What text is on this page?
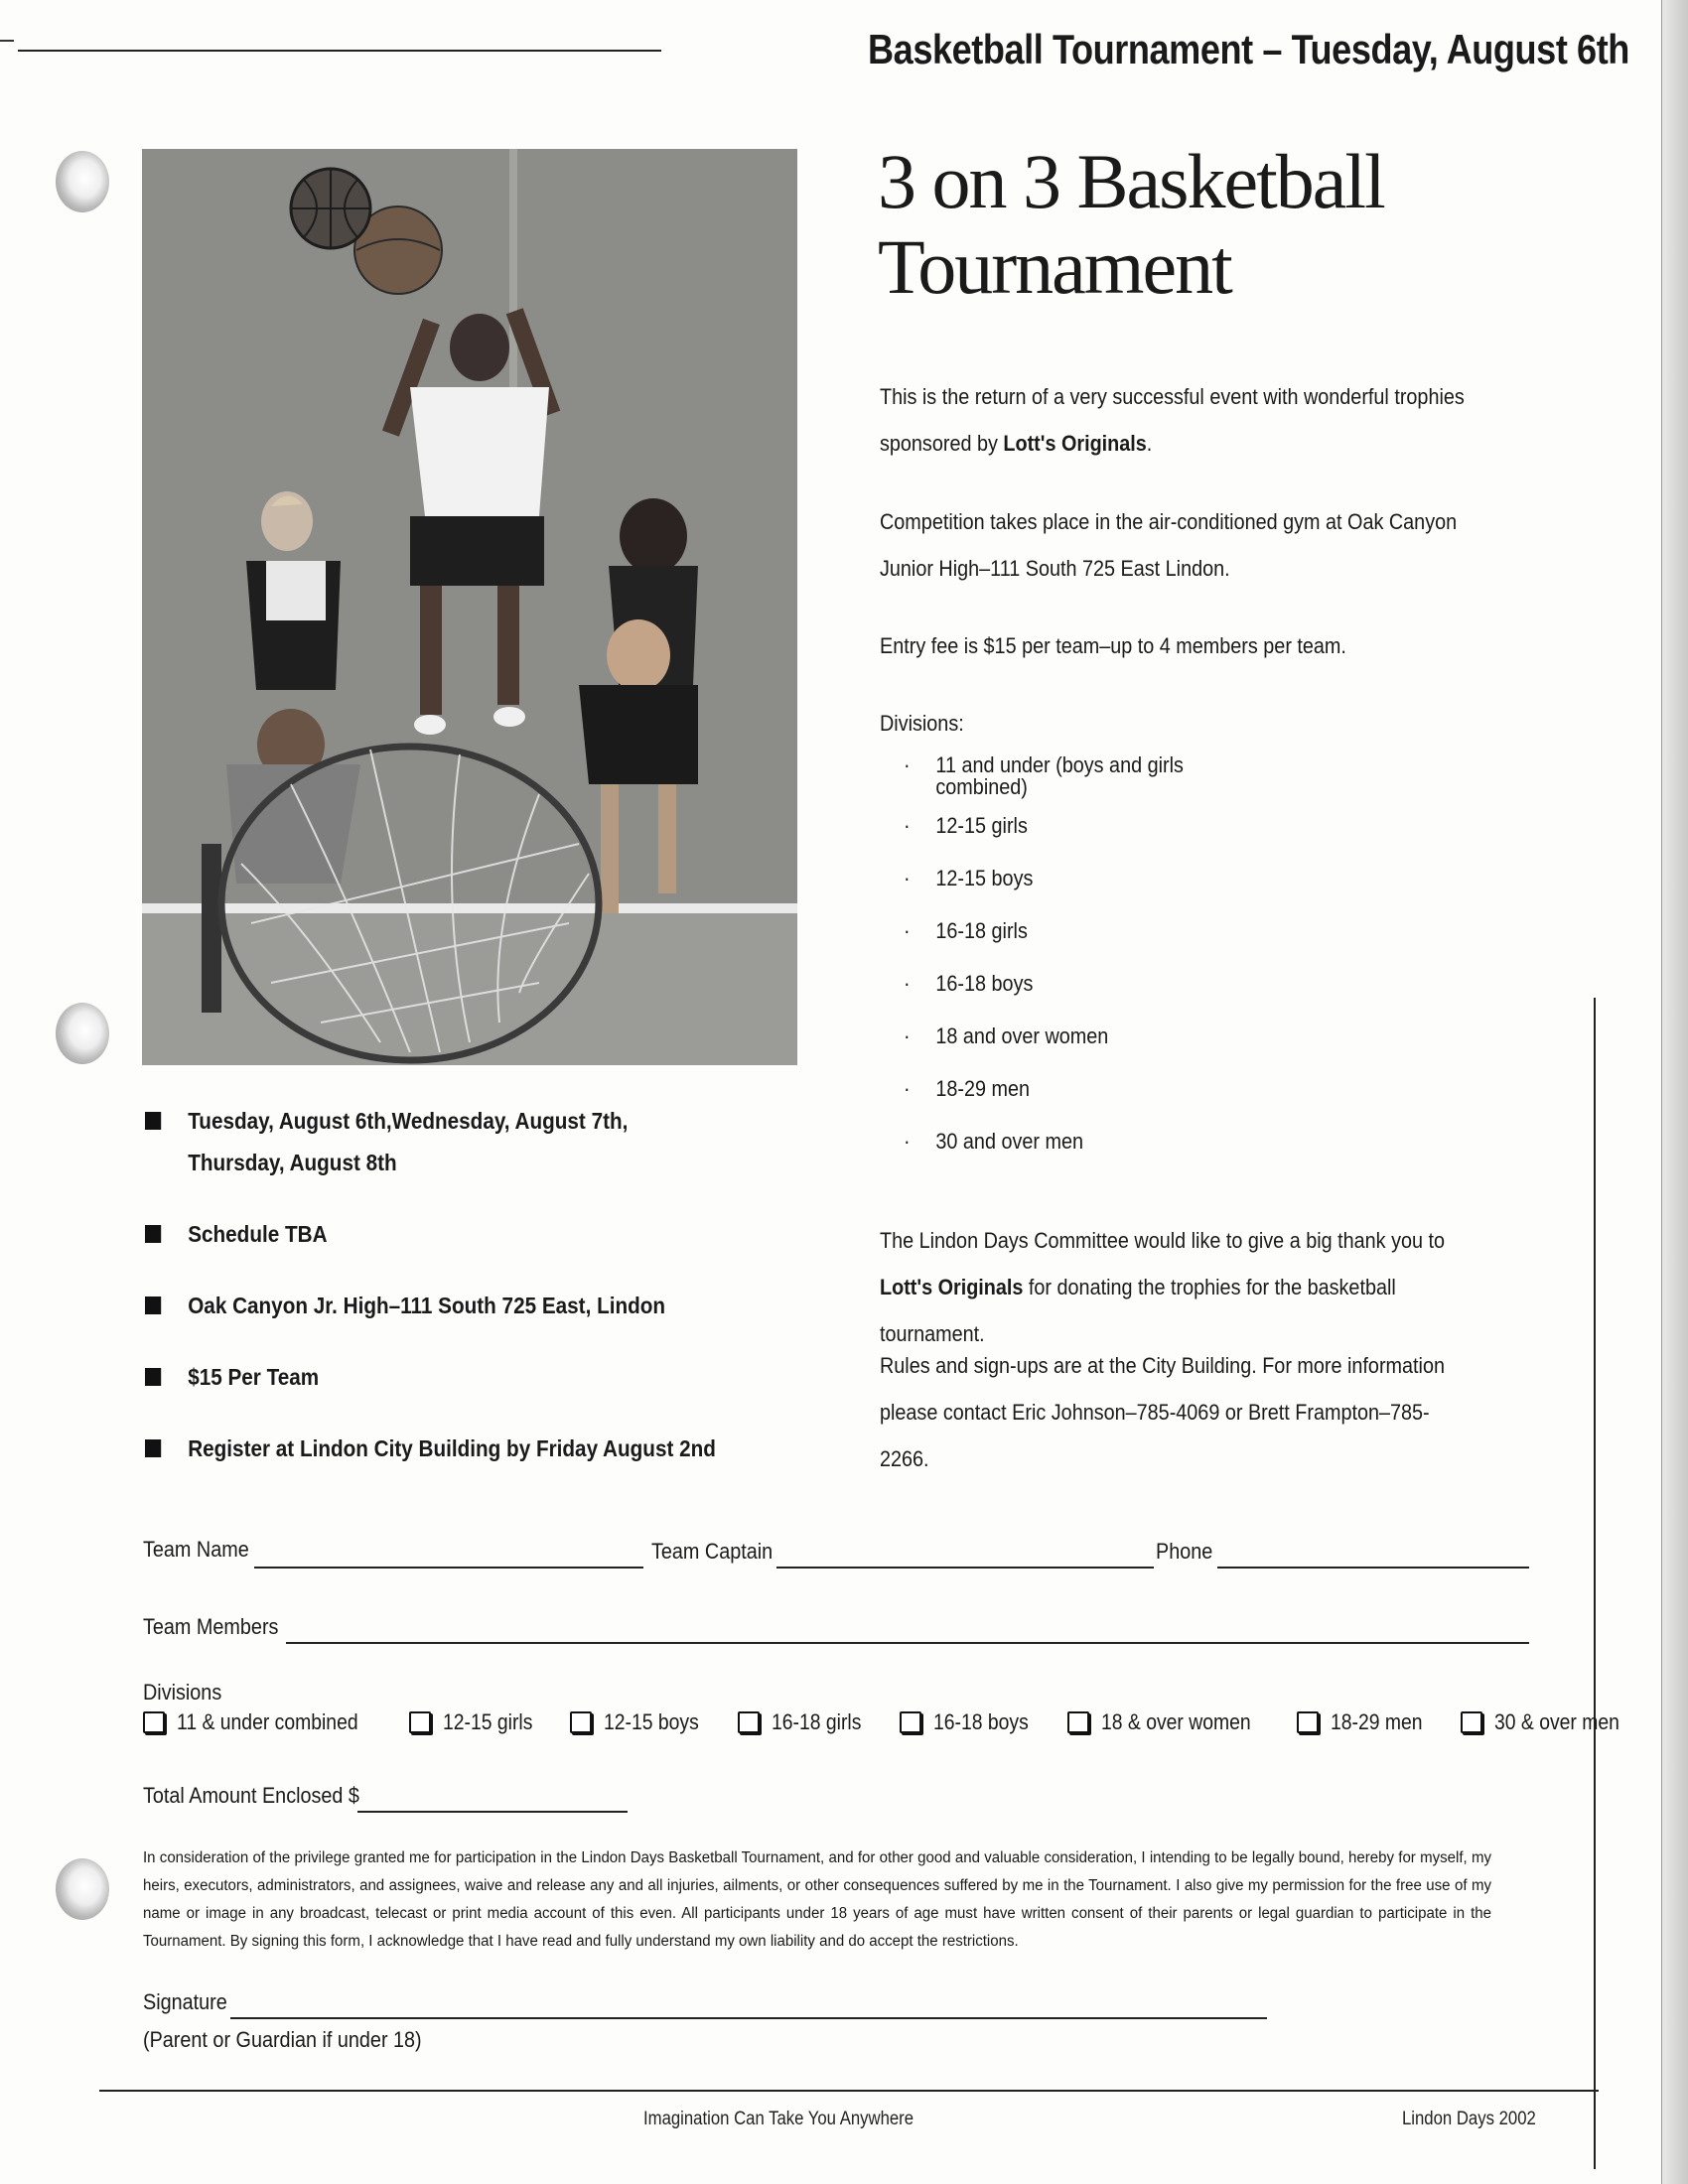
Basketball Tournament – Tuesday, August 6th
3 on 3 Basketball
Tournament
This is the return of a very successful event with wonderful trophies sponsored by Lott's Originals.
Competition takes place in the air-conditioned gym at Oak Canyon Junior High–111 South 725 East Lindon.
Entry fee is $15 per team–up to 4 members per team.
Divisions:
· 11 and under (boys and girls combined)
· 12-15 girls
· 12-15 boys
· 16-18 girls
· 16-18 boys
· 18 and over women
· 18-29 men
· 30 and over men
The Lindon Days Committee would like to give a big thank you to Lott's Originals for donating the trophies for the basketball tournament.
Rules and sign-ups are at the City Building. For more information please contact Eric Johnson–785-4069 or Brett Frampton–785-2266.
Tuesday, August 6th,Wednesday, August 7th, Thursday, August 8th
Schedule TBA
Oak Canyon Jr. High–111 South 725 East, Lindon
$15 Per Team
Register at Lindon City Building by Friday August 2nd
Team Name	Team Captain	Phone
Team Members
Divisions
11 & under combined	12-15 girls	12-15 boys	16-18 girls	16-18 boys	18 & over women	18-29 men	30 & over men
Total Amount Enclosed $
In consideration of the privilege granted me for participation in the Lindon Days Basketball Tournament, and for other good and valuable consideration, I intending to be legally bound, hereby for myself, my heirs, executors, administrators, and assignees, waive and release any and all injuries, ailments, or other consequences suffered by me in the Tournament. I also give my permission for the free use of my name or image in any broadcast, telecast or print media account of this even. All participants under 18 years of age must have written consent of their parents or legal guardian to participate in the Tournament. By signing this form, I acknowledge that I have read and fully understand my own liability and do accept the restrictions.
Signature
(Parent or Guardian if under 18)
Imagination Can Take You Anywhere	Lindon Days 2002
